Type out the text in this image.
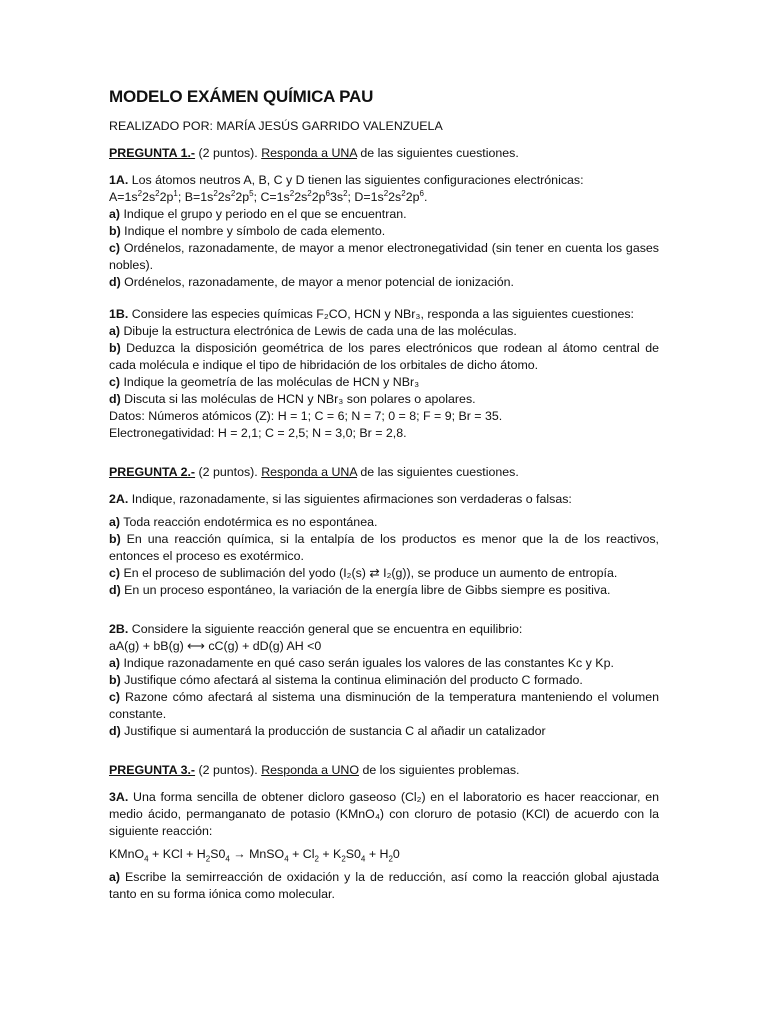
MODELO EXÁMEN QUÍMICA PAU

REALIZADO POR: MARÍA JESÚS GARRIDO VALENZUELA

PREGUNTA 1.- (2 puntos). Responda a UNA de las siguientes cuestiones.

1A. Los átomos neutros A, B, C y D tienen las siguientes configuraciones electrónicas:

$A=1s^22s^22p^1$; $B=1s^22s^22p^5$; $C=1s^22s^22p^63s^2$; $D=1s^22s^22p^6$.

a) Indique el grupo y periodo en el que se encuentran.

b) Indique el nombre y símbolo de cada elemento.

c) Ordénelos, razonadamente, de mayor a menor electronegatividad (sin tener en cuenta los gases nobles).

d) Ordénelos, razonadamente, de mayor a menor potencial de ionización.

1B. Considere las especies químicas F₂CO, HCN y NBr₃, responda a las siguientes cuestiones:

a) Dibuje la estructura electrónica de Lewis de cada una de las moléculas.

b) Deduzca la disposición geométrica de los pares electrónicos que rodean al átomo central de cada molécula e indique el tipo de hibridación de los orbitales de dicho átomo.

c) Indique la geometría de las moléculas de HCN y NBr₃

d) Discuta si las moléculas de HCN y NBr₃ son polares o apolares.

Datos: Números atómicos (Z): H = 1; C = 6; N = 7; 0 = 8; F = 9; Br = 35.

Electronegatividad: H = 2,1; C = 2,5; N = 3,0; Br = 2,8.

PREGUNTA 2.- (2 puntos). Responda a UNA de las siguientes cuestiones.

2A. Indique, razonadamente, si las siguientes afirmaciones son verdaderas o falsas:

a) Toda reacción endotérmica es no espontánea.

b) En una reacción química, si la entalpía de los productos es menor que la de los reactivos, entonces el proceso es exotérmico.

c) En el proceso de sublimación del yodo (I₂(s) ⇄ I₂(g)), se produce un aumento de entropía.

d) En un proceso espontáneo, la variación de la energía libre de Gibbs siempre es positiva.

2B. Considere la siguiente reacción general que se encuentra en equilibrio:

aA(g) + bB(g) ⟷ cC(g) + dD(g) AH <0

a) Indique razonadamente en qué caso serán iguales los valores de las constantes Kc y Kp.

b) Justifique cómo afectará al sistema la continua eliminación del producto C formado.

c) Razone cómo afectará al sistema una disminución de la temperatura manteniendo el volumen constante.

d) Justifique si aumentará la producción de sustancia C al añadir un catalizador

PREGUNTA 3.- (2 puntos). Responda a UNO de los siguientes problemas.

3A. Una forma sencilla de obtener dicloro gaseoso (Cl₂) en el laboratorio es hacer reaccionar, en medio ácido, permanganato de potasio (KMnO₄) con cloruro de potasio (KCl) de acuerdo con la siguiente reacción:

KMnO$_4$ + KCl + $H_2S0_4$ → MnSO$_4$ + $Cl_2 + K_2S0_4 + H_20$

a) Escribe la semirreacción de oxidación y la de reducción, así como la reacción global ajustada tanto en su forma iónica como molecular.
